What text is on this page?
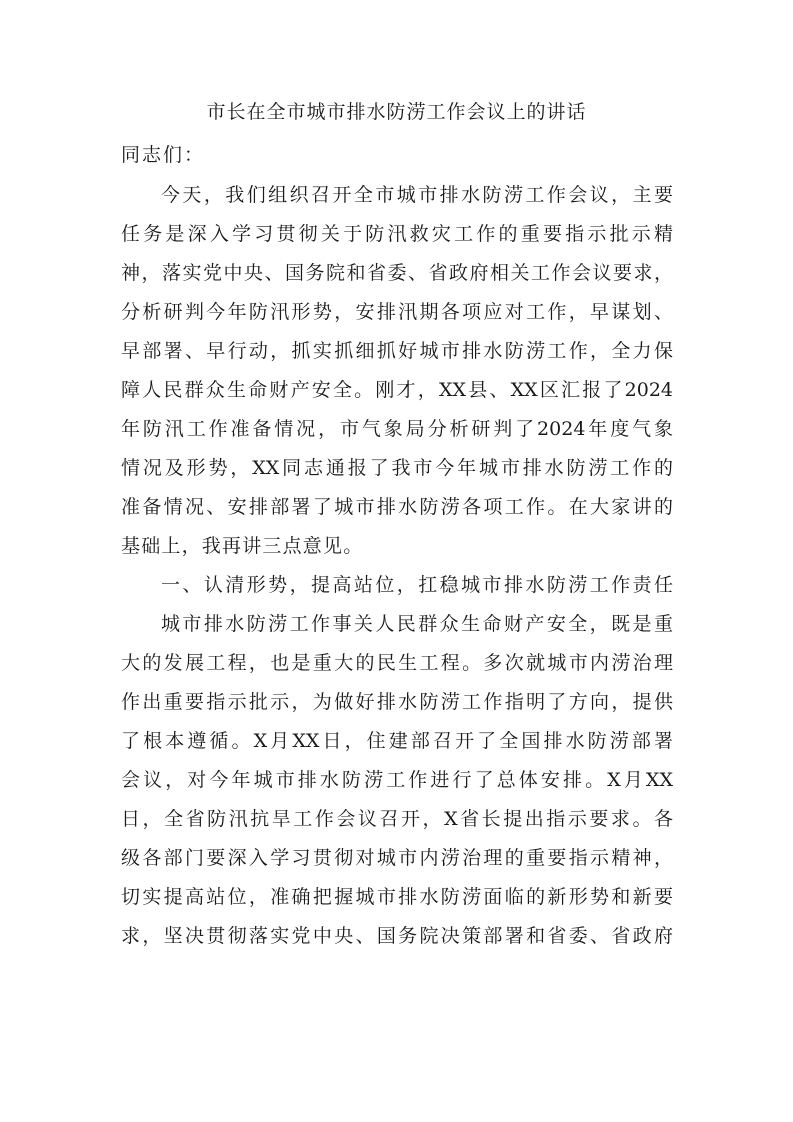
市长在全市城市排水防涝工作会议上的讲话
同志们：
今天，我们组织召开全市城市排水防涝工作会议，主要
任务是深入学习贯彻关于防汛救灾工作的重要指示批示精
神，落实党中央、国务院和省委、省政府相关工作会议要求，
分析研判今年防汛形势，安排汛期各项应对工作，早谋划、
早部署、早行动，抓实抓细抓好城市排水防涝工作，全力保
障人民群众生命财产安全。刚才，XX县、XX区汇报了2024
年防汛工作准备情况，市气象局分析研判了2024年度气象
情况及形势，XX同志通报了我市今年城市排水防涝工作的
准备情况、安排部署了城市排水防涝各项工作。在大家讲的
基础上，我再讲三点意见。
一、认清形势，提高站位，扛稳城市排水防涝工作责任
城市排水防涝工作事关人民群众生命财产安全，既是重
大的发展工程，也是重大的民生工程。多次就城市内涝治理
作出重要指示批示，为做好排水防涝工作指明了方向，提供
了根本遵循。X月XX日，住建部召开了全国排水防涝部署
会议，对今年城市排水防涝工作进行了总体安排。X月XX
日，全省防汛抗旱工作会议召开，X省长提出指示要求。各
级各部门要深入学习贯彻对城市内涝治理的重要指示精神，
切实提高站位，准确把握城市排水防涝面临的新形势和新要
求，坚决贯彻落实党中央、国务院决策部署和省委、省政府
